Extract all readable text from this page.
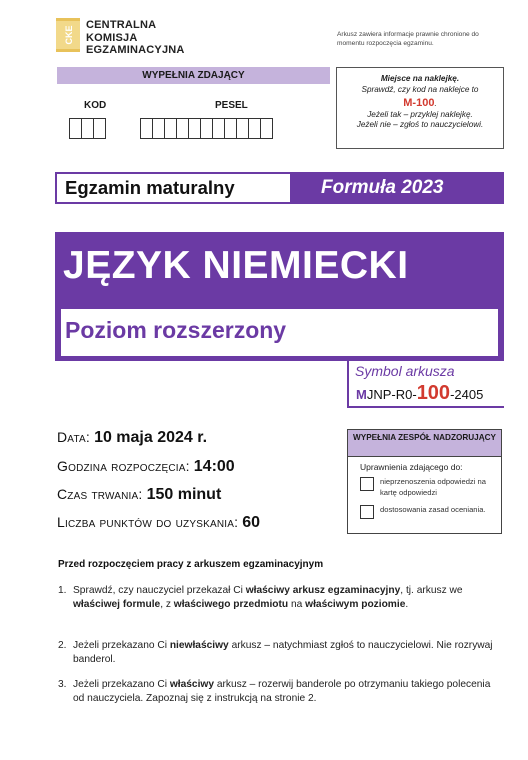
CKE
CENTRALNA
KOMISJA
EGZAMINACYJNA
Arkusz zawiera informacje prawnie chronione do momentu rozpoczęcia egzaminu.
WYPEŁNIA ZDAJĄCY
KOD	PESEL
Miejsce na naklejkę.
Sprawdź, czy kod na naklejce to
M-100.
Jeżeli tak – przyklej naklejkę.
Jeżeli nie – zgłoś to nauczycielowi.
Egzamin maturalny	Formuła 2023
JĘZYK NIEMIECKI
Poziom rozszerzony
Symbol arkusza
MJNP-R0-100-2405
Data: 10 maja 2024 r.
Godzina rozpoczęcia: 14:00
Czas trwania: 150 minut
Liczba punktów do uzyskania: 60
WYPEŁNIA ZESPÓŁ NADZORUJĄCY
Uprawnienia zdającego do:
nieprzenoszenia odpowiedzi na kartę odpowiedzi
dostosowania zasad oceniania.
Przed rozpoczęciem pracy z arkuszem egzaminacyjnym
1. Sprawdź, czy nauczyciel przekazał Ci właściwy arkusz egzaminacyjny, tj. arkusz we właściwej formule, z właściwego przedmiotu na właściwym poziomie.
2. Jeżeli przekazano Ci niewłaściwy arkusz – natychmiast zgłoś to nauczycielowi. Nie rozrywaj banderol.
3. Jeżeli przekazano Ci właściwy arkusz – rozerwij banderole po otrzymaniu takiego polecenia od nauczyciela. Zapoznaj się z instrukcją na stronie 2.
